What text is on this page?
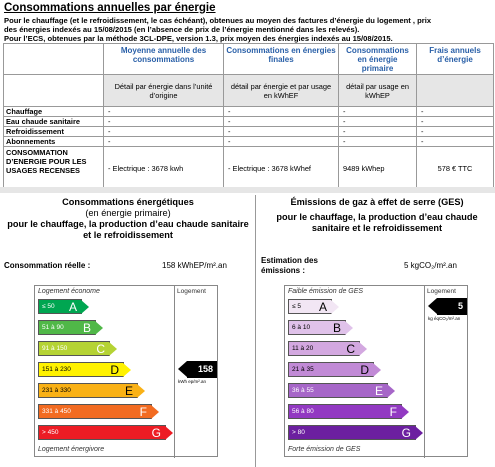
Consommations annuelles par énergie
Pour le chauffage (et le refroidissement, le cas échéant), obtenues au moyen des factures d’énergie du logement , prix
des énergies indexés au 15/08/2015 (en l’absence de prix de l’énergie mentionné dans les relevés).
Pour l’ECS, obtenues par la méthode 3CL-DPE, version 1.3, prix moyen des énergies indexés au 15/08/2015.
	Moyenne annuelle des consommations	Consommations en énergies finales	Consommations en énergie primaire	Frais annuels d’énergie
	Détail par énergie dans l’unité d’origine	détail par énergie et par usage en kWhEF	détail par usage en kWhEP	
Chauffage	-	-	-	-
Eau chaude sanitaire	-	-	-	-
Refroidissement	-	-	-	-
Abonnements	-	-	-	-
CONSOMMATION D’ENERGIE POUR LES USAGES RECENSES	- Electrique : 3678 kwh	- Electrique : 3678 kWhef	9489 kWhep	578 € TTC
Consommations énergétiques
(en énergie primaire)
pour le chauffage, la production d’eau chaude sanitaire et le refroidissement
Consommation réelle :	158 kWhEP/m².an
Logement économe	Logement
Logement énergivore
≤ 50 A
51 à 90 B
91 à 150 C
151 à 230	D
231 à 330	E
331 à 450	F
> 450	G
158
kWh ep/m².an
Émissions de gaz à effet de serre (GES)
pour le chauffage, la production d’eau chaude sanitaire et le refroidissement
Estimation des émissions :
5 kgCO₂/m².an
Faible émission de GES	Logement
Forte émission de GES
≤ 5 A
6 à 10 B
11 à 20	C
21 à 35	D
36 à 55	E
56 à 80	F
> 80	G
5
kg éqCO₂/m².an
